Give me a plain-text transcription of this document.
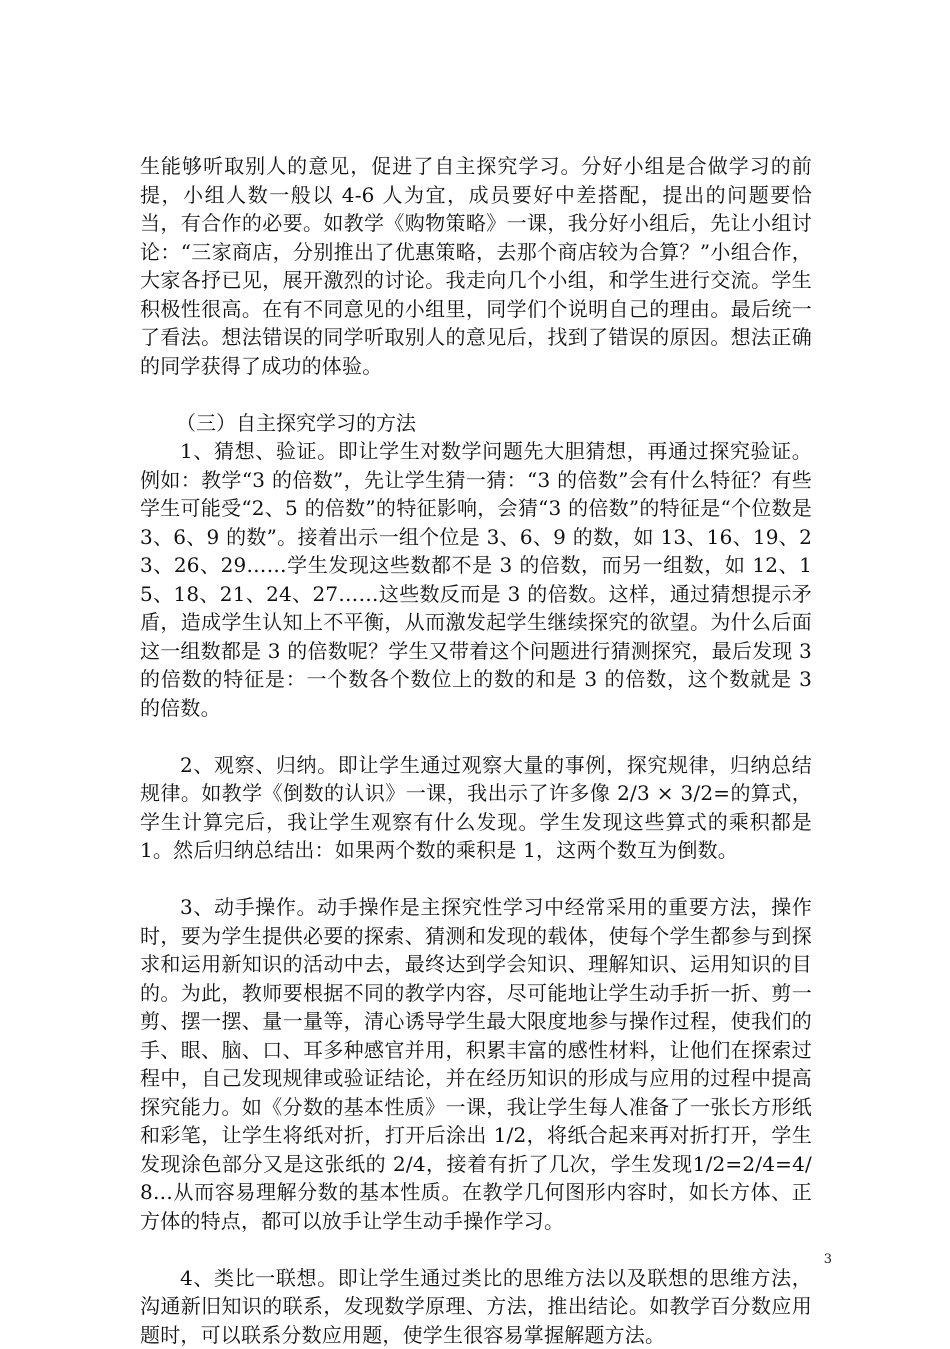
生能够听取别人的意见，促进了自主探究学习。分好小组是合做学习的前提，小组人数一般以 4-6 人为宜，成员要好中差搭配，提出的问题要恰当，有合作的必要。如教学《购物策略》一课，我分好小组后，先让小组讨论：“三家商店，分别推出了优惠策略，去那个商店较为合算？”小组合作，大家各抒已见，展开激烈的讨论。我走向几个小组，和学生进行交流。学生积极性很高。在有不同意见的小组里，同学们个说明自己的理由。最后统一了看法。想法错误的同学听取别人的意见后，找到了错误的原因。想法正确的同学获得了成功的体验。

（三）自主探究学习的方法

1、猜想、验证。即让学生对数学问题先大胆猜想，再通过探究验证。例如：教学“3 的倍数”，先让学生猜一猜：“3 的倍数”会有什么特征？有些学生可能受“2、5 的倍数”的特征影响，会猜“3 的倍数”的特征是“个位数是 3、6、9 的数”。接着出示一组个位是 3、6、9 的数，如 13、16、19、23、26、29……学生发现这些数都不是 3 的倍数，而另一组数，如 12、15、18、21、24、27……这些数反而是 3 的倍数。这样，通过猜想提示矛盾，造成学生认知上不平衡，从而激发起学生继续探究的欲望。为什么后面这一组数都是 3 的倍数呢？学生又带着这个问题进行猜测探究，最后发现 3 的倍数的特征是：一个数各个数位上的数的和是 3 的倍数，这个数就是 3 的倍数。

2、观察、归纳。即让学生通过观察大量的事例，探究规律，归纳总结规律。如教学《倒数的认识》一课，我出示了许多像 2/3 × 3/2=的算式，学生计算完后，我让学生观察有什么发现。学生发现这些算式的乘积都是1。然后归纳总结出：如果两个数的乘积是 1，这两个数互为倒数。

3、动手操作。动手操作是主探究性学习中经常采用的重要方法，操作时，要为学生提供必要的探索、猜测和发现的载体，使每个学生都参与到探求和运用新知识的活动中去，最终达到学会知识、理解知识、运用知识的目的。为此，教师要根据不同的教学内容，尽可能地让学生动手折一折、剪一剪、摆一摆、量一量等，清心诱导学生最大限度地参与操作过程，使我们的手、眼、脑、口、耳多种感官并用，积累丰富的感性材料，让他们在探索过程中，自己发现规律或验证结论，并在经历知识的形成与应用的过程中提高探究能力。如《分数的基本性质》一课，我让学生每人准备了一张长方形纸和彩笔，让学生将纸对折，打开后涂出 1/2，将纸合起来再对折打开，学生发现涂色部分又是这张纸的 2/4，接着有折了几次，学生发现1/2=2/4=4/8…从而容易理解分数的基本性质。在教学几何图形内容时，如长方体、正方体的特点，都可以放手让学生动手操作学习。

4、类比一联想。即让学生通过类比的思维方法以及联想的思维方法，沟通新旧知识的联系，发现数学原理、方法，推出结论。如教学百分数应用题时，可以联系分数应用题，使学生很容易掌握解题方法。

3
